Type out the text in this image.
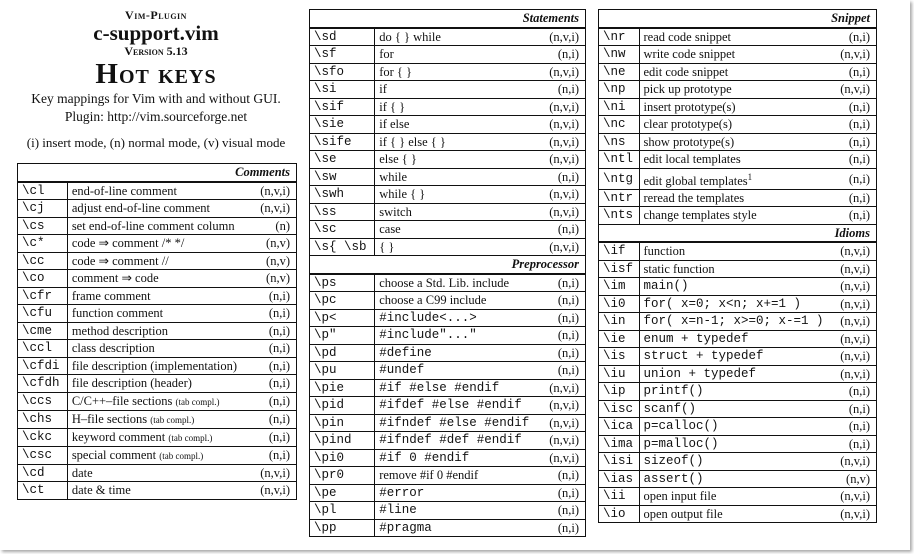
Vim-Plugin
c-support.vim
Version 5.13
Hot keys
Key mappings for Vim with and without GUI.
Plugin: http://vim.sourceforge.net
(i) insert mode, (n) normal mode, (v) visual mode
Comments		
\cl	end-of-line comment	(n,v,i)
\cj	adjust end-of-line comment	(n,v,i)
\cs	set end-of-line comment column	(n)
\c*	code ⇒ comment /* */	(n,v)
\cc	code ⇒ comment //	(n,v)
\co	comment ⇒ code	(n,v)
\cfr	frame comment	(n,i)
\cfu	function comment	(n,i)
\cme	method description	(n,i)
\ccl	class description	(n,i)
\cfdi	file description (implementation)	(n,i)
\cfdh	file description (header)	(n,i)
\ccs	C/C++–file sections (tab compl.)	(n,i)
\chs	H–file sections (tab compl.)	(n,i)
\ckc	keyword comment (tab compl.)	(n,i)
\csc	special comment (tab compl.)	(n,i)
\cd	date	(n,v,i)
\ct	date & time	(n,v,i)
Statements		
\sd	do { } while	(n,v,i)
\sf	for	(n,i)
\sfo	for { }	(n,v,i)
\si	if	(n,i)
\sif	if { }	(n,v,i)
\sie	if else	(n,v,i)
\sife	if { } else { }	(n,v,i)
\se	else { }	(n,v,i)
\sw	while	(n,i)
\swh	while { }	(n,v,i)
\ss	switch	(n,v,i)
\sc	case	(n,i)
\s{ \sb	{ }	(n,v,i)
Preprocessor		
\ps	choose a Std. Lib. include	(n,i)
\pc	choose a C99 include	(n,i)
\p<	#include<...>	(n,i)
\p"	#include"..."	(n,i)
\pd	#define	(n,i)
\pu	#undef	(n,i)
\pie	#if #else #endif	(n,v,i)
\pid	#ifdef #else #endif	(n,v,i)
\pin	#ifndef #else #endif	(n,v,i)
\pind	#ifndef #def #endif	(n,v,i)
\pi0	#if 0 #endif	(n,v,i)
\pr0	remove #if 0 #endif	(n,i)
\pe	#error	(n,i)
\pl	#line	(n,i)
\pp	#pragma	(n,i)
Snippet		
\nr	read code snippet	(n,i)
\nw	write code snippet	(n,v,i)
\ne	edit code snippet	(n,i)
\np	pick up prototype	(n,v,i)
\ni	insert prototype(s)	(n,i)
\nc	clear prototype(s)	(n,i)
\ns	show prototype(s)	(n,i)
\ntl	edit local templates	(n,i)
\ntg	edit global templates$^1$	(n,i)
\ntr	reread the templates	(n,i)
\nts	change templates style	(n,i)
Idioms		
\if	function	(n,v,i)
\isf	static function	(n,v,i)
\im	main()	(n,v,i)
\i0	for( x=0; x<n; x+=1 )	(n,v,i)
\in	for( x=n-1; x>=0; x-=1 )	(n,v,i)
\ie	enum + typedef	(n,v,i)
\is	struct + typedef	(n,v,i)
\iu	union + typedef	(n,v,i)
\ip	printf()	(n,i)
\isc	scanf()	(n,i)
\ica	p=calloc()	(n,i)
\ima	p=malloc()	(n,i)
\isi	sizeof()	(n,v,i)
\ias	assert()	(n,v)
\ii	open input file	(n,v,i)
\io	open output file	(n,v,i)
